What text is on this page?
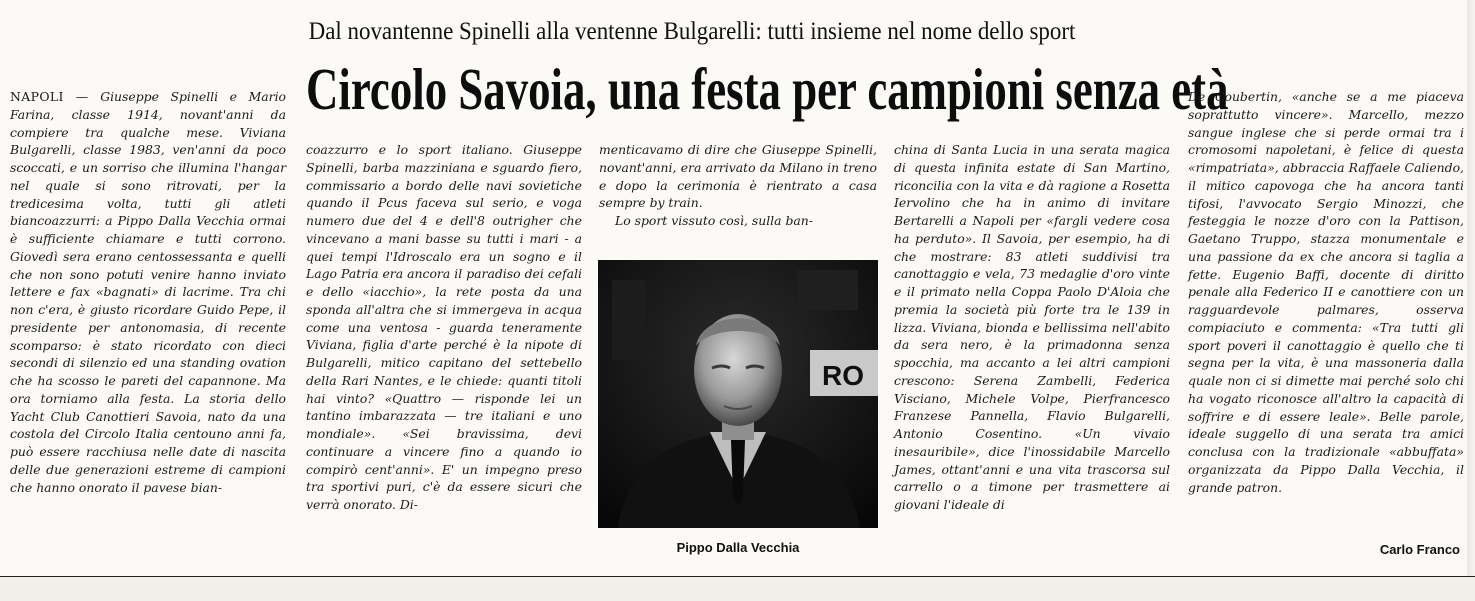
Dal novantenne Spinelli alla ventenne Bulgarelli: tutti insieme nel nome dello sport
Circolo Savoia, una festa per campioni senza età
NAPOLI — Giuseppe Spinelli e Mario Farina, classe 1914, novant'anni da compiere tra qualche mese. Viviana Bulgarelli, classe 1983, ven'anni da poco scoccati, e un sorriso che illumina l'hangar nel quale si sono ritrovati, per la tredicesima volta, tutti gli atleti biancoazzurri: a Pippo Dalla Vecchia ormai è sufficiente chiamare e tutti corrono. Giovedì sera erano centossessanta e quelli che non sono potuti venire hanno inviato lettere e fax «bagnati» di lacrime. Tra chi non c'era, è giusto ricordare Guido Pepe, il presidente per antonomasia, di recente scomparso: è stato ricordato con dieci secondi di silenzio ed una standing ovation che ha scosso le pareti del capannone. Ma ora torniamo alla festa. La storia dello Yacht Club Canottieri Savoia, nato da una costola del Circolo Italia centouno anni fa, può essere racchiusa nelle date di nascita delle due generazioni estreme di campioni che hanno onorato il pavese bian-
coazzurro e lo sport italiano. Giuseppe Spinelli, barba mazziniana e sguardo fiero, commissario a bordo delle navi sovietiche quando il Pcus faceva sul serio, e voga numero due del 4 e dell'8 outrigher che vincevano a mani basse su tutti i mari - a quei tempi l'Idroscalo era un sogno e il Lago Patria era ancora il paradiso dei cefali e dello «iacchio», la rete posta da una sponda all'altra che si immergeva in acqua come una ventosa - guarda teneramente Viviana, figlia d'arte perché è la nipote di Bulgarelli, mitico capitano del settebello della Rari Nantes, e le chiede: quanti titoli hai vinto? «Quattro — risponde lei un tantino imbarazzata — tre italiani e uno mondiale». «Sei bravissima, devi continuare a vincere fino a quando io compirò cent'anni». E' un impegno preso tra sportivi puri, c'è da essere sicuri che verrà onorato. Di-
menticavamo di dire che Giuseppe Spinelli, novant'anni, era arrivato da Milano in treno e dopo la cerimonia è rientrato a casa sempre by train.
Lo sport vissuto così, sulla ban-
RO
Pippo Dalla Vecchia
china di Santa Lucia in una serata magica di questa infinita estate di San Martino, riconcilia con la vita e dà ragione a Rosetta Iervolino che ha in animo di invitare Bertarelli a Napoli per «fargli vedere cosa ha perduto». Il Savoia, per esempio, ha di che mostrare: 83 atleti suddivisi tra canottaggio e vela, 73 medaglie d'oro vinte e il primato nella Coppa Paolo D'Aloia che premia la società più forte tra le 139 in lizza. Viviana, bionda e bellissima nell'abito da sera nero, è la primadonna senza spocchia, ma accanto a lei altri campioni crescono: Serena Zambelli, Federica Visciano, Michele Volpe, Pierfrancesco Franzese Pannella, Flavio Bulgarelli, Antonio Cosentino. «Un vivaio inesauribile», dice l'inossidabile Marcello James, ottant'anni e una vita trascorsa sul carrello o a timone per trasmettere ai giovani l'ideale di
De Coubertin, «anche se a me piaceva soprattutto vincere». Marcello, mezzo sangue inglese che si perde ormai tra i cromosomi napoletani, è felice di questa «rimpatriata», abbraccia Raffaele Caliendo, il mitico capovoga che ha ancora tanti tifosi, l'avvocato Sergio Minozzi, che festeggia le nozze d'oro con la Pattison, Gaetano Truppo, stazza monumentale e una passione da ex che ancora si taglia a fette. Eugenio Baffi, docente di diritto penale alla Federico II e canottiere con un ragguardevole palmares, osserva compiaciuto e commenta: «Tra tutti gli sport poveri il canottaggio è quello che ti segna per la vita, è una massoneria dalla quale non ci si dimette mai perché solo chi ha vogato riconosce all'altro la capacità di soffrire e di essere leale». Belle parole, ideale suggello di una serata tra amici conclusa con la tradizionale «abbuffata» organizzata da Pippo Dalla Vecchia, il grande patron.
Carlo Franco
